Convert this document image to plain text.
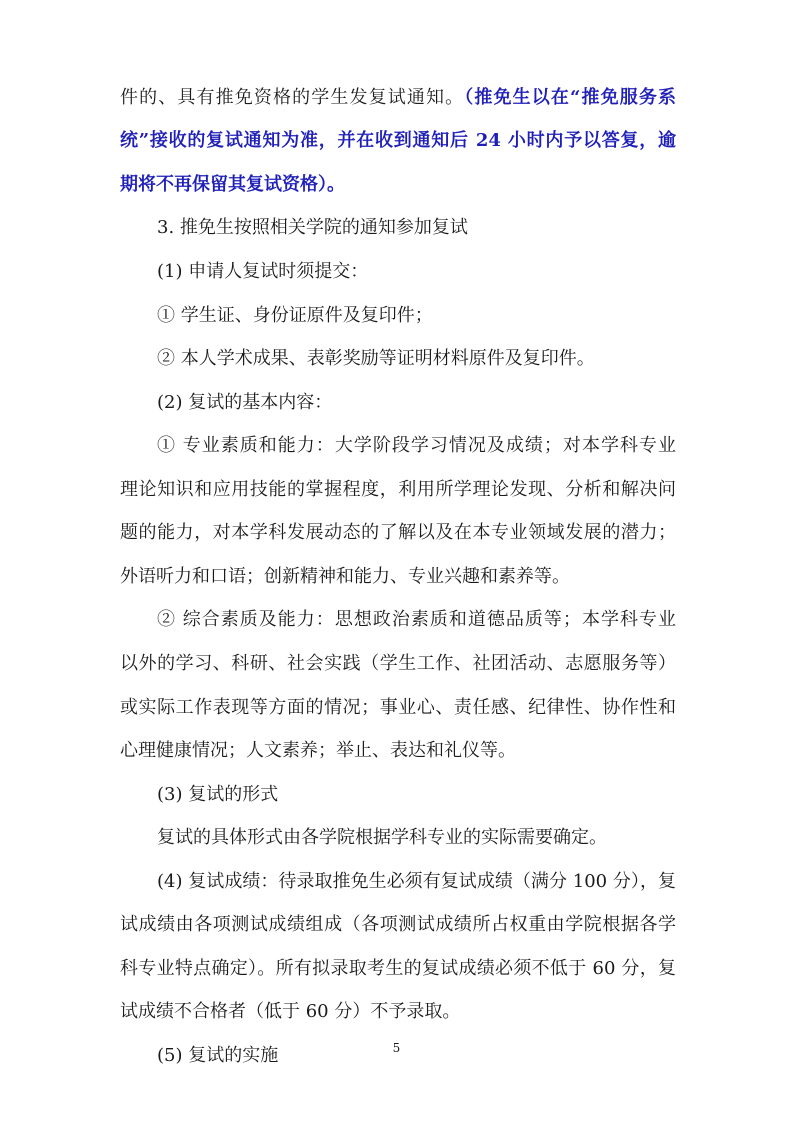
件的、具有推免资格的学生发复试通知。（推免生以在“推免服务系
统”接收的复试通知为准，并在收到通知后 24 小时内予以答复，逾
期将不再保留其复试资格）。
3. 推免生按照相关学院的通知参加复试
(1) 申请人复试时须提交：
① 学生证、身份证原件及复印件；
② 本人学术成果、表彰奖励等证明材料原件及复印件。
(2) 复试的基本内容：
① 专业素质和能力：大学阶段学习情况及成绩；对本学科专业
理论知识和应用技能的掌握程度，利用所学理论发现、分析和解决问
题的能力，对本学科发展动态的了解以及在本专业领域发展的潜力；
外语听力和口语；创新精神和能力、专业兴趣和素养等。
② 综合素质及能力：思想政治素质和道德品质等；本学科专业
以外的学习、科研、社会实践（学生工作、社团活动、志愿服务等）
或实际工作表现等方面的情况；事业心、责任感、纪律性、协作性和
心理健康情况；人文素养；举止、表达和礼仪等。
(3) 复试的形式
复试的具体形式由各学院根据学科专业的实际需要确定。
(4) 复试成绩：待录取推免生必须有复试成绩（满分 100 分），复
试成绩由各项测试成绩组成（各项测试成绩所占权重由学院根据各学
科专业特点确定）。所有拟录取考生的复试成绩必须不低于 60 分，复
试成绩不合格者（低于 60 分）不予录取。
(5) 复试的实施	5
